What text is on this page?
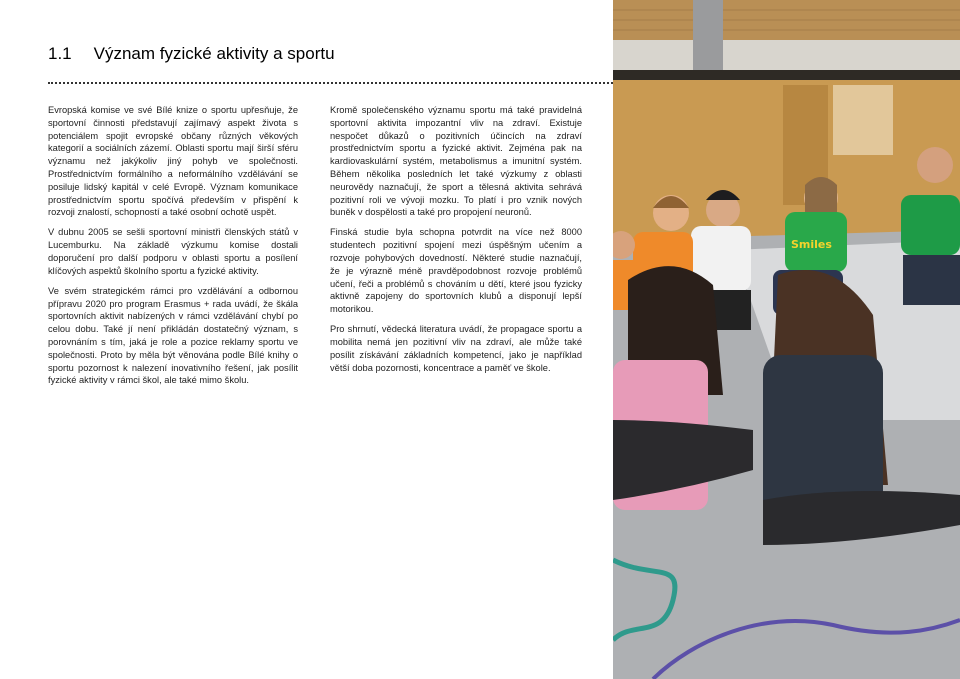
1.1 Význam fyzické aktivity a sportu

Evropská komise ve své Bílé knize o sportu upřesňuje, že sportovní činnosti představují zajímavý aspekt života s potenciálem spojit evropské občany různých věkových kategorií a sociálních zázemí. Oblasti sportu mají širší sféru významu než jakýkoliv jiný pohyb ve společnosti. Prostřednictvím formálního a neformálního vzdělávání se posiluje lidský kapitál v celé Evropě. Význam komunikace prostřednictvím sportu spočívá především v přispění k rozvoji znalostí, schopností a také osobní ochotě uspět.

V dubnu 2005 se sešli sportovní ministři členských států v Lucemburku. Na základě výzkumu komise dostali doporučení pro další podporu v oblasti sportu a posílení klíčových aspektů školního sportu a fyzické aktivity.

Ve svém strategickém rámci pro vzdělávání a odbornou přípravu 2020 pro program Erasmus + rada uvádí, že škála sportovních aktivit nabízených v rámci vzdělávání chybí po celou dobu. Také jí není přikládán dostatečný význam, s porovnáním s tím, jaká je role a pozice reklamy sportu ve společnosti. Proto by měla být věnována podle Bílé knihy o sportu pozornost k nalezení inovativního řešení, jak posílit fyzické aktivity v rámci škol, ale také mimo školu.

Kromě společenského významu sportu má také pravidelná sportovní aktivita impozantní vliv na zdraví. Existuje nespočet důkazů o pozitivních účincích na zdraví prostřednictvím sportu a fyzické aktivit. Zejména pak na kardiovaskulární systém, metabolismus a imunitní systém. Během několika posledních let také výzkumy z oblasti neurovědy naznačují, že sport a tělesná aktivita sehrává pozitivní roli ve vývoji mozku. To platí i pro vznik nových buněk v dospělosti a také pro propojení neuronů.

Finská studie byla schopna potvrdit na více než 8000 studentech pozitivní spojení mezi úspěšným učením a rozvoje pohybových dovedností. Některé studie naznačují, že je výrazně méně pravděpodobnost rozvoje problémů učení, řeči a problémů s chováním u dětí, které jsou fyzicky aktivně zapojeny do sportovních klubů a disponují lepší motorikou.

Pro shrnutí, vědecká literatura uvádí, že propagace sportu a mobilita nemá jen pozitivní vliv na zdraví, ale může také posílit získávání základních kompetencí, jako je například větší doba pozornosti, koncentrace a paměť ve škole.

Smiles
